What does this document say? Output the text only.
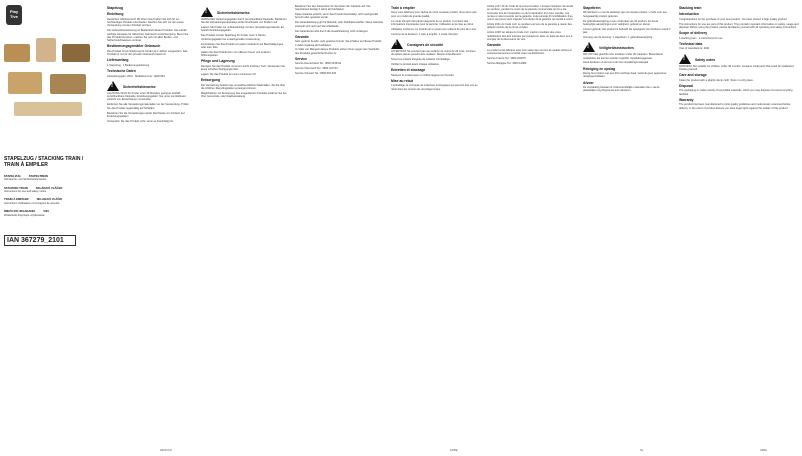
Play Tive
STAPELZUG / STACKING TRAIN /
TRAIN À EMPILER
STAPELZUG	STAPELTREIN
Gebrauchs- und Sicherheitshinweise
STACKING TRAIN	SKLÁDACÍ VLÁČEK
Instructions for use and safety notice
TRAIN À EMPILER	SKLADACÍ VLÁČIK
Instructions d'utilisation et consignes de sécurité
WIEŻA DO UKŁADANIA	VIKI
Wskazówki dotyczące użytkowania
IAN 367279_2101
Stapelzug
Einleitung
Herzlichen Glückwunsch! Mit Ihrem Kauf haben Sie sich für ein hochwertiges Produkt entschieden. Machen Sie sich vor der ersten Verwendung mit dem Produkt vertraut.
Die Gebrauchsanweisung ist Bestandteil dieses Produkts. Sie enthält wichtige Hinweise für Sicherheit, Gebrauch und Entsorgung. Bevor Sie das Produkt benutzen, machen Sie sich mit allen Bedien- und Sicherheitshinweisen vertraut.
Bestimmungsgemäßer Gebrauch
Das Produkt ist als Spielzeug für Kinder ab 2 Jahren vorgesehen. Das Produkt ist nur für den privaten Gebrauch bestimmt.
Lieferumfang
1 Stapelzug   1 Bedienungsanleitung
Technische Daten
Herstellungsjahr: 2021   Modellnummer: HG07063
!
Sicherheitshinweise
ACHTUNG! Nicht für Kinder unter 36 Monaten geeignet. Enthält verschluckbare Kleinteile. Erstickungsgefahr. Nur unter unmittelbarer Aufsicht von Erwachsenen verwenden.
Entfernen Sie alle Verpackungsmaterialien vor der Verwendung. Prüfen Sie das Produkt regelmäßig auf Schäden.
Bewahren Sie die Verpackungen außer Reichweite von Kindern auf. Erstickungsgefahr!
Verwenden Sie das Produkt nicht, wenn es beschädigt ist.
!
Sicherheitshinweise
WARNUNG! Verletzungsgefahr durch verschluckbare Kleinteile. Bewahren Sie die Verpackungsmaterialien außer Reichweite von Kindern auf.
Lassen Sie Kinder nie unbeaufsichtigt mit dem Verpackungsmaterial. Es besteht Erstickungsgefahr.
Das Produkt ist kein Spielzeug für Kinder unter 3 Jahren. Verletzungsgefahr bei unsachgemäßer Anwendung.
Kontrollieren Sie das Produkt vor jedem Gebrauch auf Beschädigungen oder lose Teile.
Halten Sie das Produkt fern von offenem Feuer und anderen Wärmequellen.
Pflege und Lagerung
Reinigen Sie das Produkt mit einem leicht feuchten Tuch. Verwenden Sie keine scharfen Reinigungsmittel.
Lagern Sie das Produkt an einem trockenen Ort.
Entsorgung
Die Verpackung besteht aus umweltfreundlichen Materialien, die Sie über die örtlichen Recyclingstellen entsorgen können.
Möglichkeiten zur Entsorgung des ausgedienten Produkts erfahren Sie bei Ihrer Gemeinde- oder Stadtverwaltung.
Bewahren Sie den Kassenbon für die Dauer der Garantie auf. Die Garantiezeit beträgt 3 Jahre ab Kaufdatum.
Diese Garantie erlischt, wenn das Produkt beschädigt, nicht sachgemäß benutzt oder gewartet wurde.
Die Garantieleistung gilt für Material- oder Fabrikationsfehler. Diese Garantie erstreckt sich nicht auf Verschleißteile.
Die Garantiezeit wird durch die Gewährleistung nicht verlängert.
Garantie
Sehr geehrte Kundin, sehr geehrter Kunde, Sie erhalten auf dieses Produkt 3 Jahre Garantie ab Kaufdatum.
Im Falle von Mängeln dieses Produkts stehen Ihnen gegen den Verkäufer des Produkts gesetzliche Rechte zu.
Service
Service Deutschland Tel.: 0800 5435111
Service Österreich Tel.: 0800 447744
Service Schweiz Tel.: 0800 563 333
Train à empiler
Nous vous félicitons pour l'achat de votre nouveau produit. Vous avez opté pour un produit de grande qualité.
Le mode d'emploi fait partie intégrante de ce produit. Il contient des informations importantes pour la sécurité, l'utilisation et la mise au rebut.
Utilisation conforme: Le produit est un jouet pour enfants de plus de 2 ans.
Contenu de la livraison: 1 train à empiler, 1 mode d'emploi.
!
Consignes de sécurité
ATTENTION! Ne convient pas aux enfants de moins de 36 mois. Contient de petites pièces pouvant être avalées. Risque d'étouffement.
Tenez les enfants éloignés du matériel d'emballage.
Vérifiez le produit avant chaque utilisation.
Entretien et stockage
Nettoyez le produit avec un chiffon légèrement humide.
Mise au rebut
L'emballage se compose de matériaux écologiques qui peuvent être mis au rebut dans les centres de recyclage locaux.
Article L217-16 du Code de la consommation: Lorsque l'acheteur demande au vendeur, pendant le cours de la garantie commerciale qui lui a été consentie lors de l'acquisition ou de la réparation d'un bien meuble, une remise en état couverte par la garantie, toute période d'immobilisation d'au moins sept jours vient s'ajouter à la durée de la garantie qui restait à courir.
Article 1641 du Code civil: Le vendeur est tenu de la garantie à raison des défauts cachés de la chose vendue.
Article 1648 1er alinéa du Code civil: L'action résultant des vices rédhibitoires doit être intentée par l'acquéreur dans un délai de deux ans à compter de la découverte du vice.
Garantie
Le produit a été fabriqué avec soin selon des normes de qualité strictes et consciencieusement contrôlé avant sa distribution.
Service France Tel.: 0800 919270
Service Belgique Tel.: 0800 12089
Stapeltrein
Wij feliciteren u met de aankoop van uw nieuwe product. U hebt voor een hoogwaardig product gekozen.
De gebruiksaanwijzing is een onderdeel van dit product. Ze bevat belangrijke aanwijzingen voor veiligheid, gebruik en afvoer.
Correct gebruik: Het product is bedoeld als speelgoed voor kinderen vanaf 2 jaar.
Omvang van de levering: 1 stapeltrein, 1 gebruiksaanwijzing.
!
Veiligheidsinstructies
LET OP! Niet geschikt voor kinderen onder 36 maanden. Bevat kleine onderdelen die kunnen worden ingeslikt. Verstikkingsgevaar.
Houd kinderen uit de buurt van het verpakkingsmateriaal.
Reiniging en opslag
Reinig het product met een licht vochtige doek. Gebruik geen agressieve reinigingsmiddelen.
Afvoer
De verpakking bestaat uit milieuvriendelijke materialen die u via de plaatselijke recyclingcentra kunt afvoeren.
Stacking train
Introduction
Congratulations on the purchase of your new product. You have chosen a high quality product.
The instructions for use are part of this product. They contain important information on safety, usage and disposal. Before using the product, please familiarise yourself with all operating and safety instructions.
Scope of delivery
1 stacking train   1 instructions for use
Technical data
Year of manufacture: 2021
!
Safety notes
WARNING! Not suitable for children under 36 months. Contains small parts that could be swallowed. Choking hazard.
Care and storage
Clean the product with a slightly damp cloth. Store in a dry place.
Disposal
The packaging is made entirely of recyclable materials, which you may dispose of at local recycling facilities.
Warranty
The product has been manufactured to strict quality guidelines and meticulously examined before delivery. In the event of product defects you have legal rights against the retailer of this product.
DE/AT/CH	FR/BE	NL	GB/IE
